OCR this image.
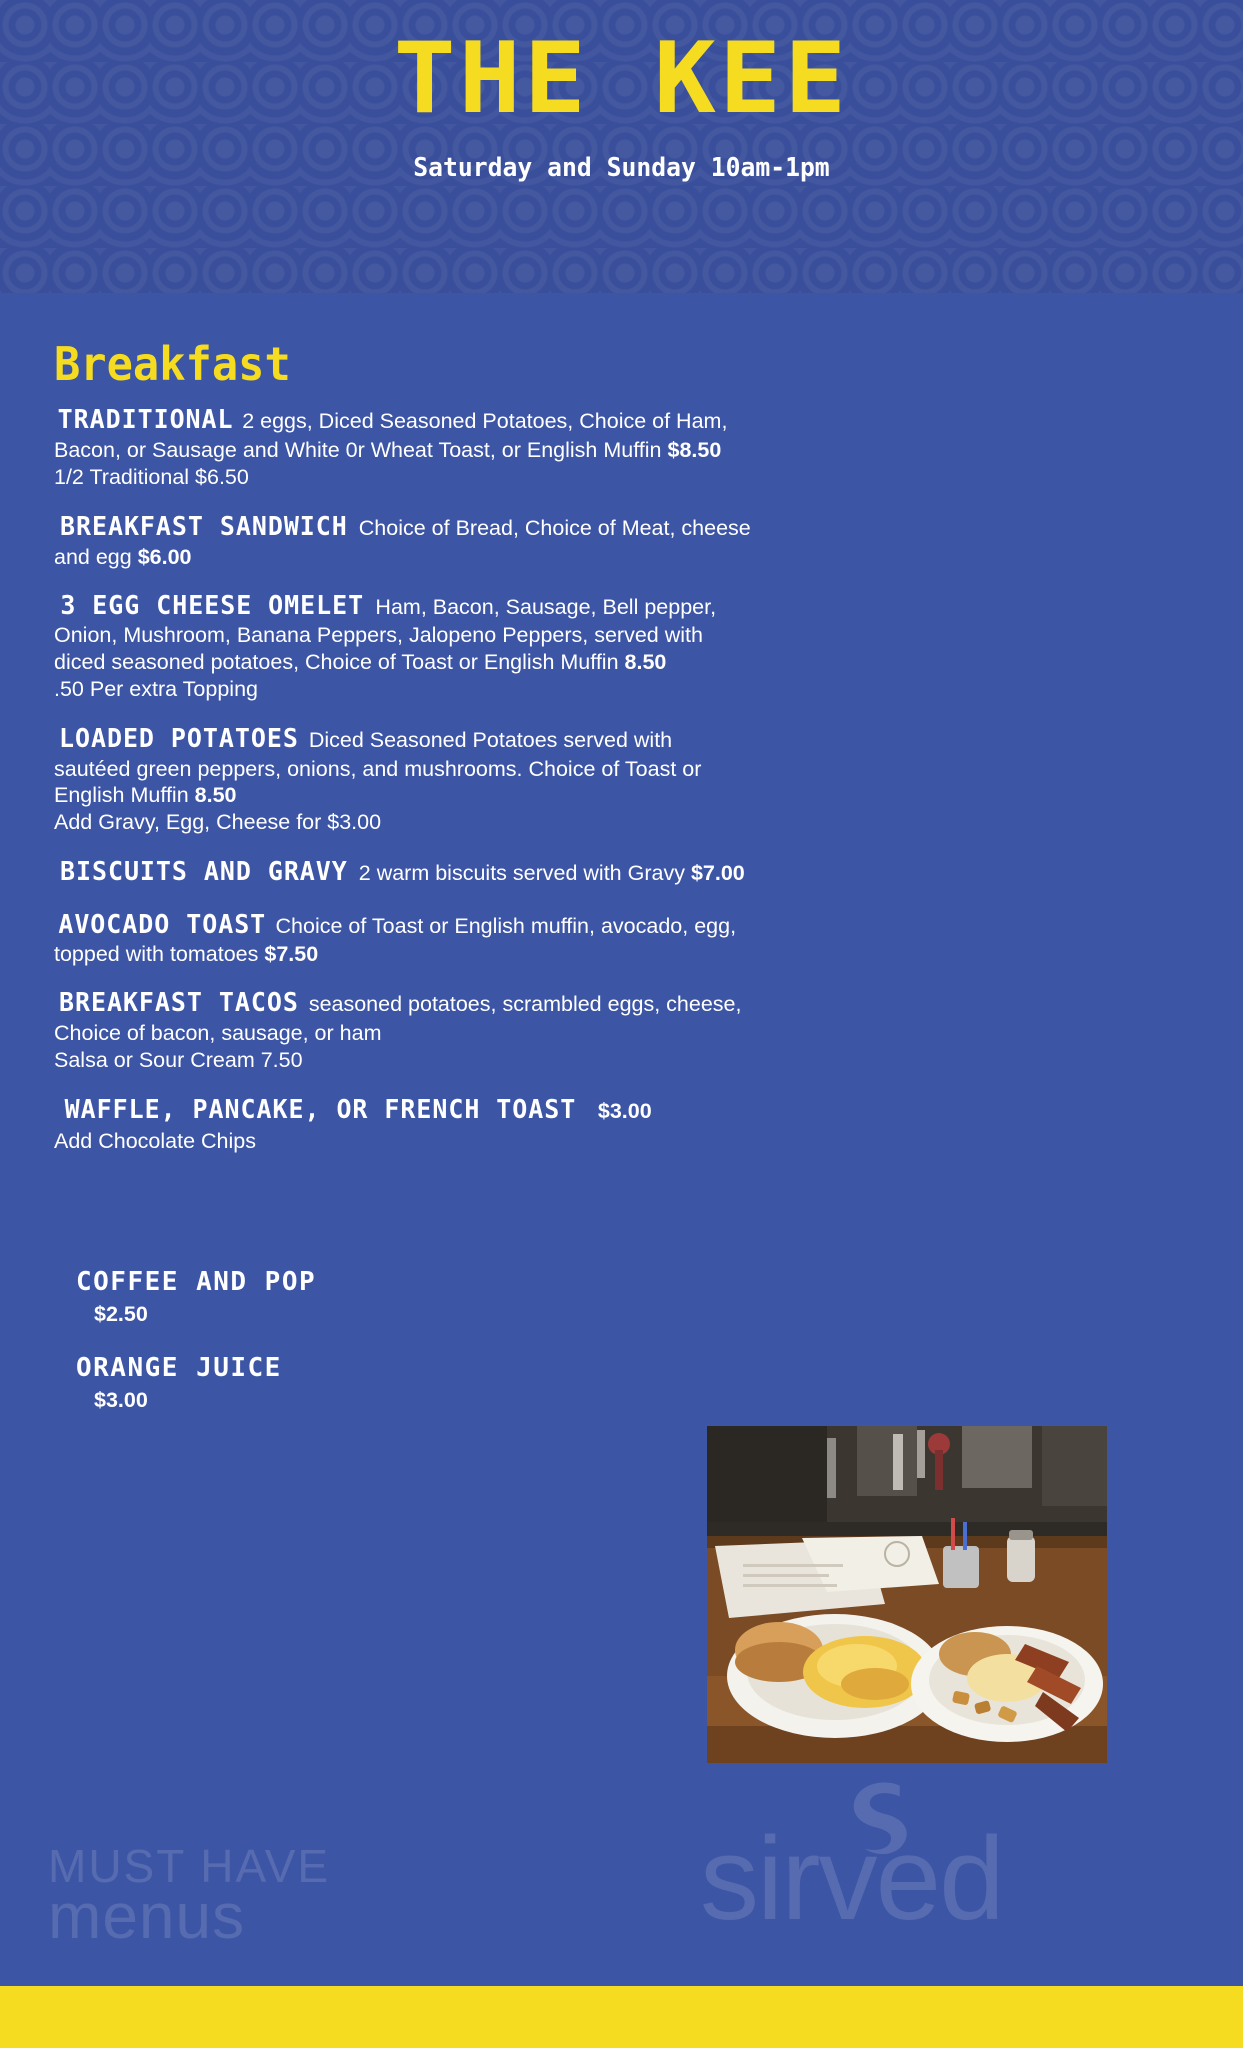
THE KEE
Saturday and Sunday 10am-1pm
Breakfast
TRADITIONAL 2 eggs, Diced Seasoned Potatoes, Choice of Ham, Bacon, or Sausage and White 0r Wheat Toast, or English Muffin $8.50
1/2 Traditional $6.50
BREAKFAST SANDWICH Choice of Bread, Choice of Meat, cheese and egg $6.00
3 EGG CHEESE OMELET Ham, Bacon, Sausage, Bell pepper, Onion, Mushroom, Banana Peppers, Jalopeno Peppers, served with diced seasoned potatoes, Choice of Toast or English Muffin 8.50
.50 Per extra Topping
LOADED POTATOES Diced Seasoned Potatoes served with sautéed green peppers, onions, and mushrooms. Choice of Toast or English Muffin 8.50
Add Gravy, Egg, Cheese for $3.00
BISCUITS AND GRAVY 2 warm biscuits served with Gravy $7.00
AVOCADO TOAST Choice of Toast or English muffin, avocado, egg, topped with tomatoes $7.50
BREAKFAST TACOS seasoned potatoes, scrambled eggs, cheese, Choice of bacon, sausage, or ham
Salsa or Sour Cream 7.50
WAFFLE, PANCAKE, OR FRENCH TOAST $3.00
Add Chocolate Chips
COFFEE AND POP
$2.50
ORANGE JUICE
$3.00
MUST HAVE
menus	sirved
